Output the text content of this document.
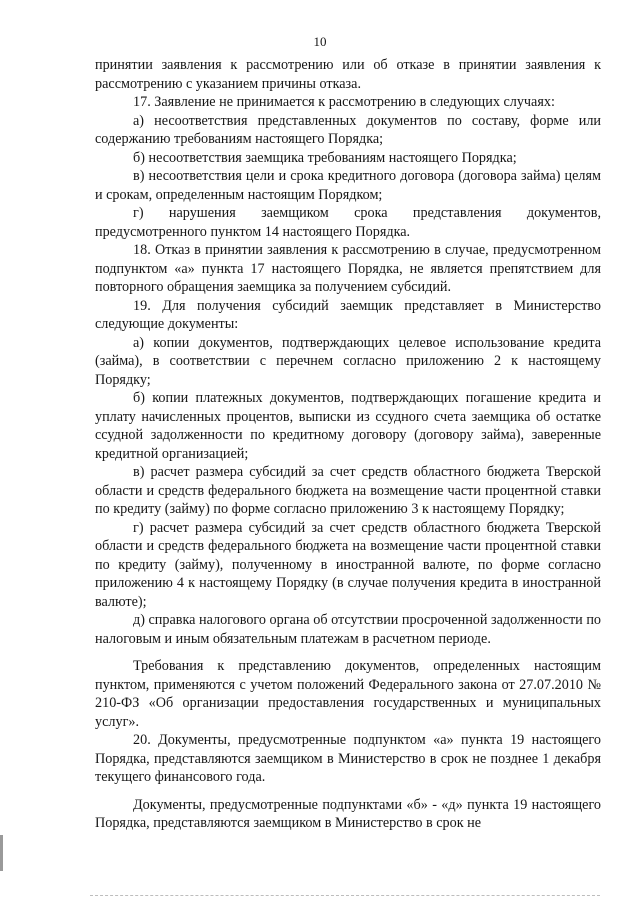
10

принятии заявления к рассмотрению или об отказе в принятии заявления к рассмотрению с указанием причины отказа.

17. Заявление не принимается к рассмотрению в следующих случаях:

а) несоответствия представленных документов по составу, форме или содержанию требованиям настоящего Порядка;

б) несоответствия заемщика требованиям настоящего Порядка;

в) несоответствия цели и срока кредитного договора (договора займа) целям и срокам, определенным настоящим Порядком;

г) нарушения заемщиком срока представления документов, предусмотренного пунктом 14 настоящего Порядка.

18. Отказ в принятии заявления к рассмотрению в случае, предусмотренном подпунктом «а» пункта 17 настоящего Порядка, не является препятствием для повторного обращения заемщика за получением субсидий.

19. Для получения субсидий заемщик представляет в Министерство следующие документы:

а) копии документов, подтверждающих целевое использование кредита (займа), в соответствии с перечнем согласно приложению 2 к настоящему Порядку;

б) копии платежных документов, подтверждающих погашение кредита и уплату начисленных процентов, выписки из ссудного счета заемщика об остатке ссудной задолженности по кредитному договору (договору займа), заверенные кредитной организацией;

в) расчет размера субсидий за счет средств областного бюджета Тверской области и средств федерального бюджета на возмещение части процентной ставки по кредиту (займу) по форме согласно приложению 3 к настоящему Порядку;

г) расчет размера субсидий за счет средств областного бюджета Тверской области и средств федерального бюджета на возмещение части процентной ставки по кредиту (займу), полученному в иностранной валюте, по форме согласно приложению 4 к настоящему Порядку (в случае получения кредита в иностранной валюте);

д) справка налогового органа об отсутствии просроченной задолженности по налоговым и иным обязательным платежам в расчетном периоде.

Требования к представлению документов, определенных настоящим пунктом, применяются с учетом положений Федерального закона от 27.07.2010 № 210-ФЗ «Об организации предоставления государственных и муниципальных услуг».

20. Документы, предусмотренные подпунктом «а» пункта 19 настоящего Порядка, представляются заемщиком в Министерство в срок не позднее 1 декабря текущего финансового года.

Документы, предусмотренные подпунктами «б» - «д» пункта 19 настоящего Порядка, представляются заемщиком в Министерство в срок не
